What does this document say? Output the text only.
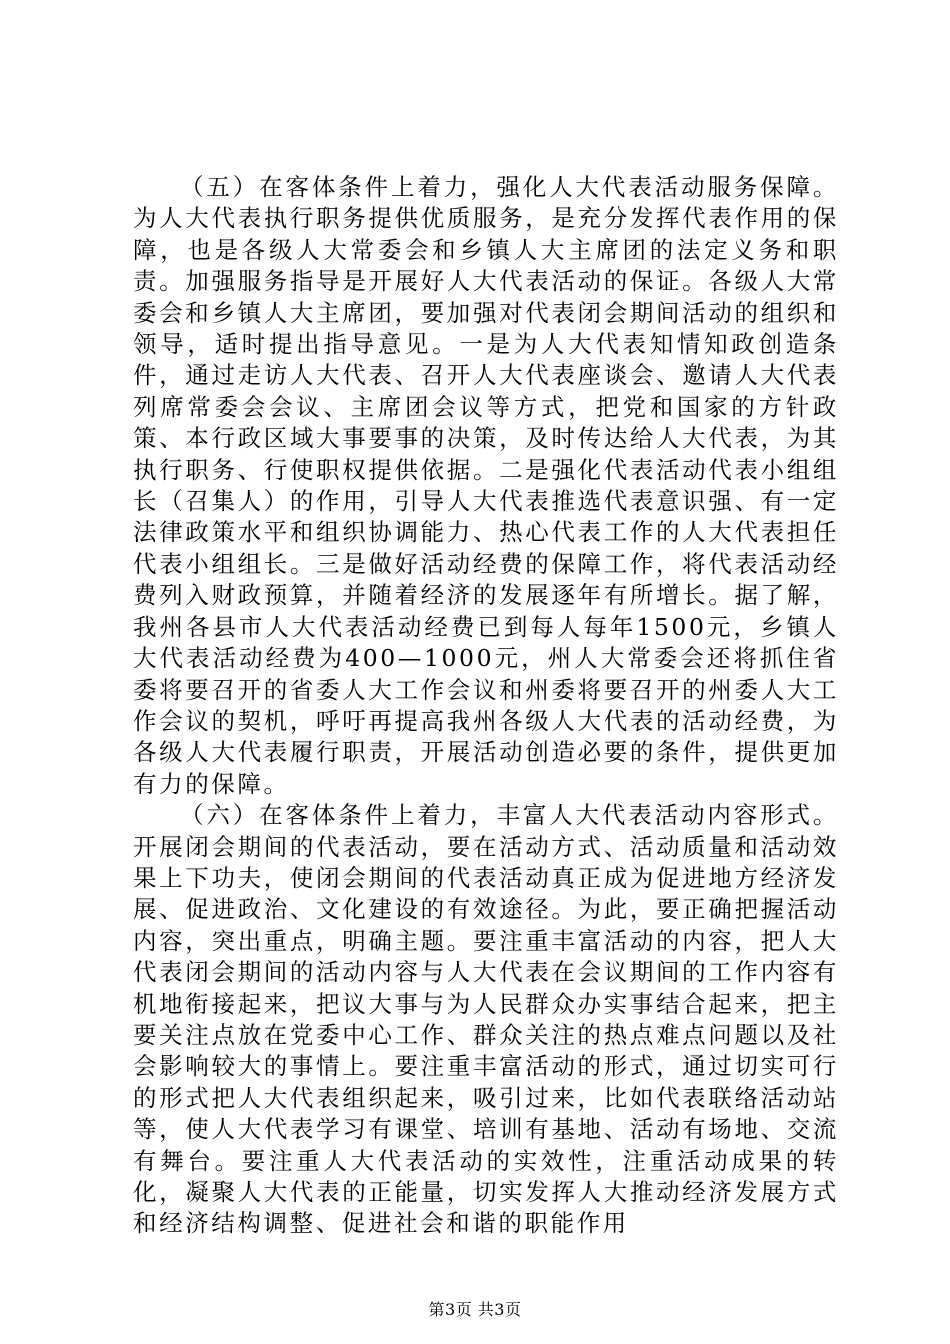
（五）在客体条件上着力，强化人大代表活动服务保障。为人大代表执行职务提供优质服务，是充分发挥代表作用的保障，也是各级人大常委会和乡镇人大主席团的法定义务和职责。加强服务指导是开展好人大代表活动的保证。各级人大常委会和乡镇人大主席团，要加强对代表闭会期间活动的组织和领导，适时提出指导意见。一是为人大代表知情知政创造条件，通过走访人大代表、召开人大代表座谈会、邀请人大代表列席常委会会议、主席团会议等方式，把党和国家的方针政策、本行政区域大事要事的决策，及时传达给人大代表，为其执行职务、行使职权提供依据。二是强化代表活动代表小组组长（召集人）的作用，引导人大代表推选代表意识强、有一定法律政策水平和组织协调能力、热心代表工作的人大代表担任代表小组组长。三是做好活动经费的保障工作，将代表活动经费列入财政预算，并随着经济的发展逐年有所增长。据了解，我州各县市人大代表活动经费已到每人每年1500元，乡镇人大代表活动经费为400—1000元，州人大常委会还将抓住省委将要召开的省委人大工作会议和州委将要召开的州委人大工作会议的契机，呼吁再提高我州各级人大代表的活动经费，为各级人大代表履行职责，开展活动创造必要的条件，提供更加有力的保障。

（六）在客体条件上着力，丰富人大代表活动内容形式。开展闭会期间的代表活动，要在活动方式、活动质量和活动效果上下功夫，使闭会期间的代表活动真正成为促进地方经济发展、促进政治、文化建设的有效途径。为此，要正确把握活动内容，突出重点，明确主题。要注重丰富活动的内容，把人大代表闭会期间的活动内容与人大代表在会议期间的工作内容有机地衔接起来，把议大事与为人民群众办实事结合起来，把主要关注点放在党委中心工作、群众关注的热点难点问题以及社会影响较大的事情上。要注重丰富活动的形式，通过切实可行的形式把人大代表组织起来，吸引过来，比如代表联络活动站等，使人大代表学习有课堂、培训有基地、活动有场地、交流有舞台。要注重人大代表活动的实效性，注重活动成果的转化，凝聚人大代表的正能量，切实发挥人大推动经济发展方式和经济结构调整、促进社会和谐的职能作用

第3页 共3页
